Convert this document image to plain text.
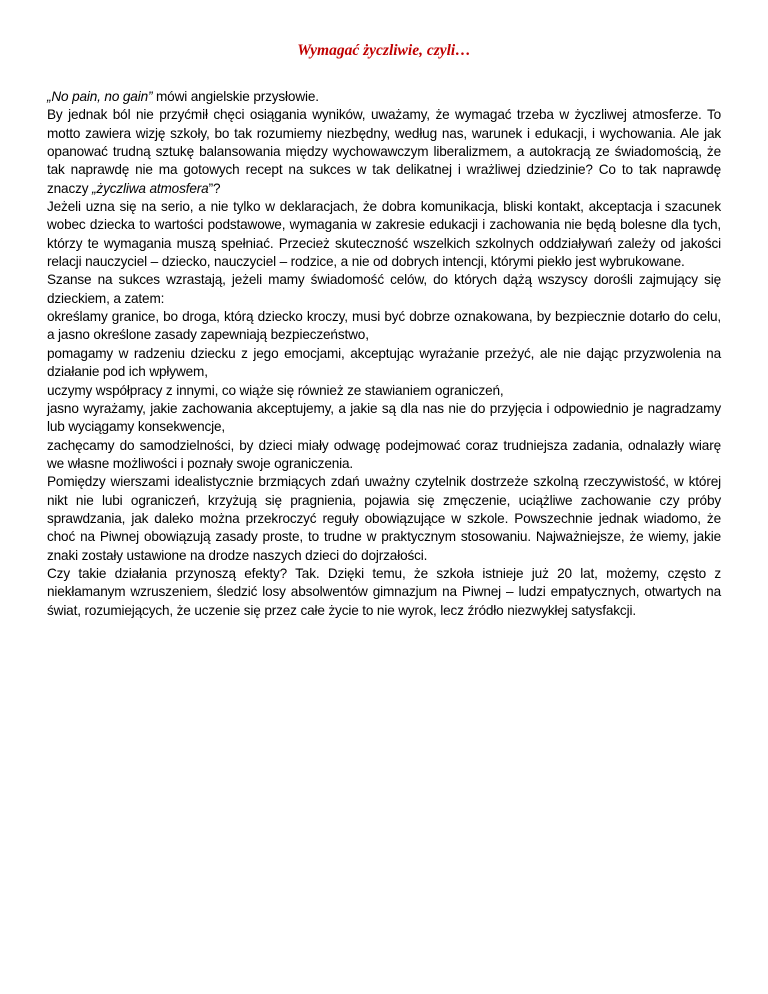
Wymagać życzliwie, czyli…

„No pain, no gain” mówi angielskie przysłowie.

By jednak ból nie przyćmił chęci osiągania wyników, uważamy, że wymagać trzeba w życzliwej atmosferze. To motto zawiera wizję szkoły, bo tak rozumiemy niezbędny, według nas, warunek i edukacji, i wychowania. Ale jak opanować trudną sztukę balansowania między wychowawczym liberalizmem, a autokracją ze świadomością, że tak naprawdę nie ma gotowych recept na sukces w tak delikatnej i wrażliwej dziedzinie? Co to tak naprawdę znaczy „życzliwa atmosfera”?

Jeżeli uzna się na serio, a nie tylko w deklaracjach, że dobra komunikacja, bliski kontakt, akceptacja i szacunek wobec dziecka to wartości podstawowe, wymagania w zakresie edukacji i zachowania nie będą bolesne dla tych, którzy te wymagania muszą spełniać. Przecież skuteczność wszelkich szkolnych oddziaływań zależy od jakości relacji nauczyciel – dziecko, nauczyciel – rodzice, a nie od dobrych intencji, którymi piekło jest wybrukowane.

Szanse na sukces wzrastają, jeżeli mamy świadomość celów, do których dążą wszyscy dorośli zajmujący się dzieckiem, a zatem:

określamy granice, bo droga, którą dziecko kroczy, musi być dobrze oznakowana, by bezpiecznie dotarło do celu, a jasno określone zasady zapewniają bezpieczeństwo,

pomagamy w radzeniu dziecku z jego emocjami, akceptując wyrażanie przeżyć, ale nie dając przyzwolenia na działanie pod ich wpływem,

uczymy współpracy z innymi, co wiąże się również ze stawianiem ograniczeń,

jasno wyrażamy, jakie zachowania akceptujemy, a jakie są dla nas nie do przyjęcia i odpowiednio je nagradzamy lub wyciągamy konsekwencje,

zachęcamy do samodzielności, by dzieci miały odwagę podejmować coraz trudniejsza zadania, odnalazły wiarę we własne możliwości i poznały swoje ograniczenia.

Pomiędzy wierszami idealistycznie brzmiących zdań uważny czytelnik dostrzeże szkolną rzeczywistość, w której nikt nie lubi ograniczeń, krzyżują się pragnienia, pojawia się zmęczenie, uciążliwe zachowanie czy próby sprawdzania, jak daleko można przekroczyć reguły obowiązujące w szkole. Powszechnie jednak wiadomo, że choć na Piwnej obowiązują zasady proste, to trudne w praktycznym stosowaniu. Najważniejsze, że wiemy, jakie znaki zostały ustawione na drodze naszych dzieci do dojrzałości.

Czy takie działania przynoszą efekty? Tak. Dzięki temu, że szkoła istnieje już 20 lat, możemy, często z niekłamanym wzruszeniem, śledzić losy absolwentów gimnazjum na Piwnej – ludzi empatycznych, otwartych na świat, rozumiejących, że uczenie się przez całe życie to nie wyrok, lecz źródło niezwykłej satysfakcji.
